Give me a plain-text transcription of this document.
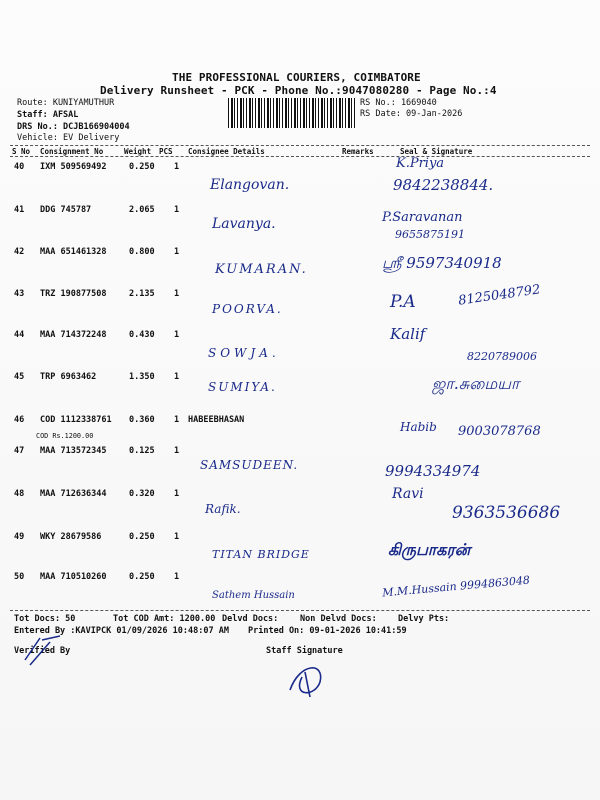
THE PROFESSIONAL COURIERS, COIMBATORE
Delivery Runsheet - PCK - Phone No.:9047080280 - Page No.:4
Route: KUNIYAMUTHUR
Staff: AFSAL
DRS No.: DCJB166904004
Vehicle: EV Delivery
RS No.: 1669040
RS Date: 09-Jan-2026
S No Consignment No	Weight PCS Consignee Details	Remarks	Seal & Signature
40 IXM 509569492	0.250 1
Elangovan.
K.Priya
9842238844.
41 DDG 745787	2.065 1
Lavanya.	P.Saravanan
9655875191
42 MAA 651461328	0.800 1
KUMARAN.	ஸ்ரீ 9597340918
43 TRZ 190877508	2.135 1
POORVA.	P.A	8125048792
44 MAA 714372248	0.430 1
SOWJA.
Kalif
8220789006
45 TRP 6963462	1.350 1
SUMIYA.	ஜா.சுமையா
46 COD 1112338761 0.360 1 HABEEBHASAN
COD Rs.1200.00
Habib 9003078768
47 MAA 713572345	0.125 1
SAMSUDEEN.	9994334974
48 MAA 712636344	0.320 1
Rafik.
Ravi
9363536686
49 WKY 28679586	0.250 1
TITAN BRIDGE	கிருபாகரன்
50 MAA 710510260	0.250 1
Sathem Hussain	M.M.Hussain 9994863048
Tot Docs: 50	Tot COD Amt: 1200.00 Delvd Docs:	Non Delvd Docs: Delvy Pts:
Entered By :KAVIPCK 01/09/2026 10:48:07 AM Printed On: 09-01-2026 10:41:59
Verified By	Staff Signature
